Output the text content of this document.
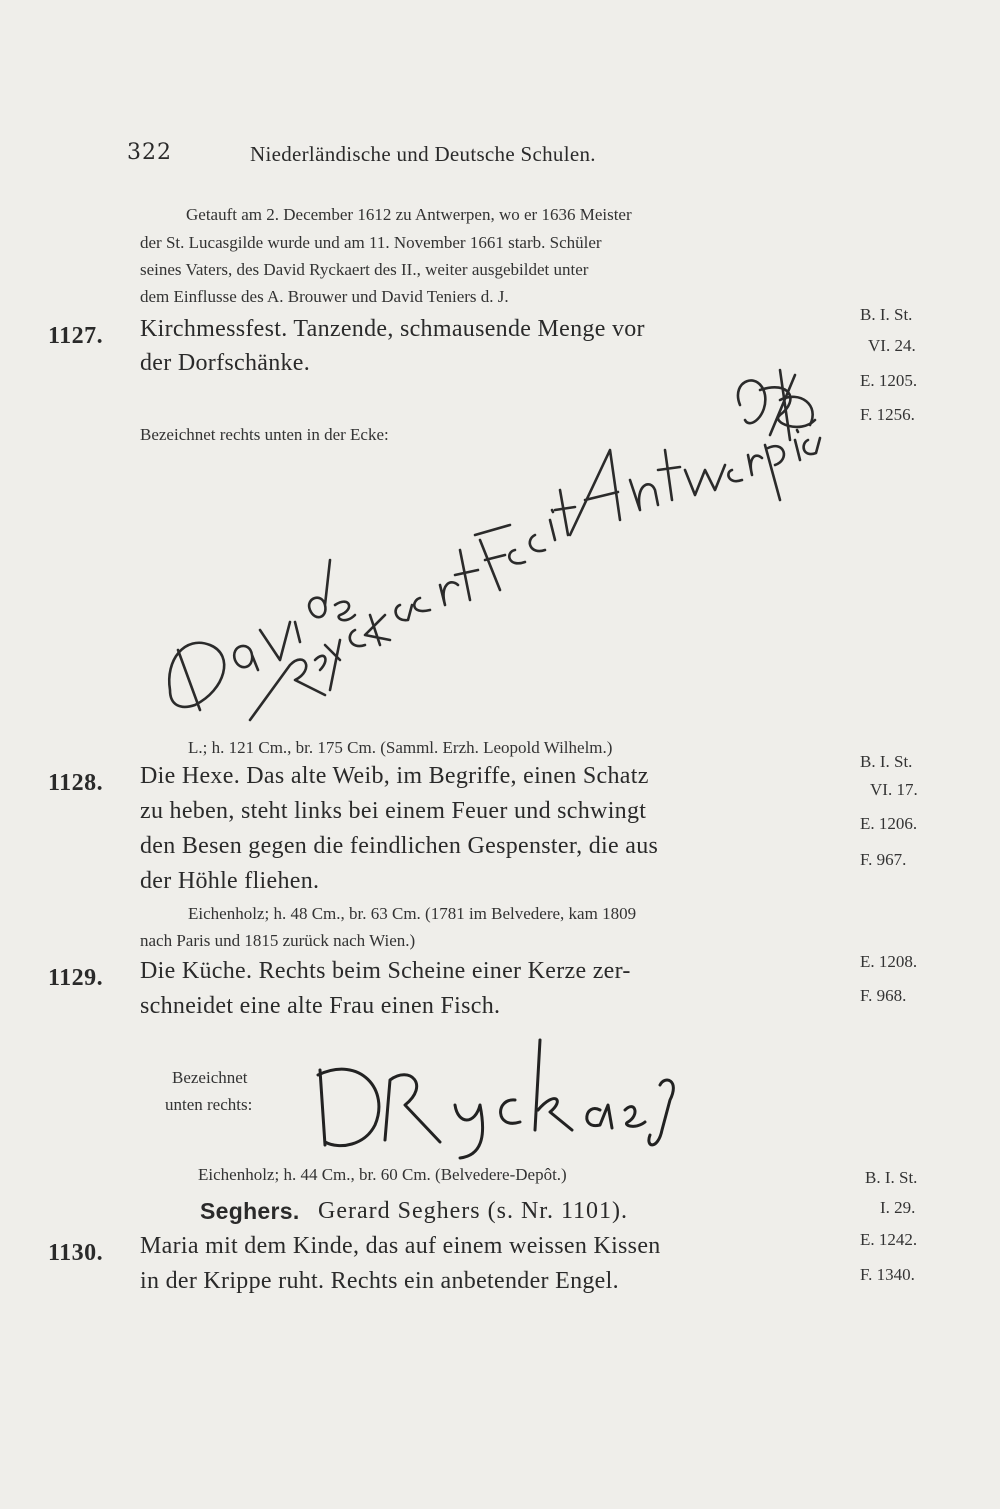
322	Niederländische und Deutsche Schulen.
Getauft am 2. December 1612 zu Antwerpen, wo er 1636 Meister
der St. Lucasgilde wurde und am 11. November 1661 starb. Schüler
seines Vaters, des David Ryckaert des II., weiter ausgebildet unter
dem Einflusse des A. Brouwer und David Teniers d. J.
1127. Kirchmessfest. Tanzende, schmausende Menge vor
der Dorfschänke.
B. I. St.
VI. 24.
E. 1205.
F. 1256.
Bezeichnet rechts unten in der Ecke:
L.; h. 121 Cm., br. 175 Cm. (Samml. Erzh. Leopold Wilhelm.)
1128. Die Hexe. Das alte Weib, im Begriffe, einen Schatz
zu heben, steht links bei einem Feuer und schwingt
den Besen gegen die feindlichen Gespenster, die aus
der Höhle fliehen.
B. I. St.
VI. 17.
E. 1206.
F. 967.
Eichenholz; h. 48 Cm., br. 63 Cm. (1781 im Belvedere, kam 1809
nach Paris und 1815 zurück nach Wien.)
1129. Die Küche. Rechts beim Scheine einer Kerze zer-
schneidet eine alte Frau einen Fisch.
E. 1208.
F. 968.
Bezeichnet
unten rechts:
Eichenholz; h. 44 Cm., br. 60 Cm. (Belvedere-Depôt.)
Seghers. Gerard Seghers (s. Nr. 1101).
B. I. St.
I. 29.
1130. Maria mit dem Kinde, das auf einem weissen Kissen
in der Krippe ruht. Rechts ein anbetender Engel.
E. 1242.
F. 1340.
